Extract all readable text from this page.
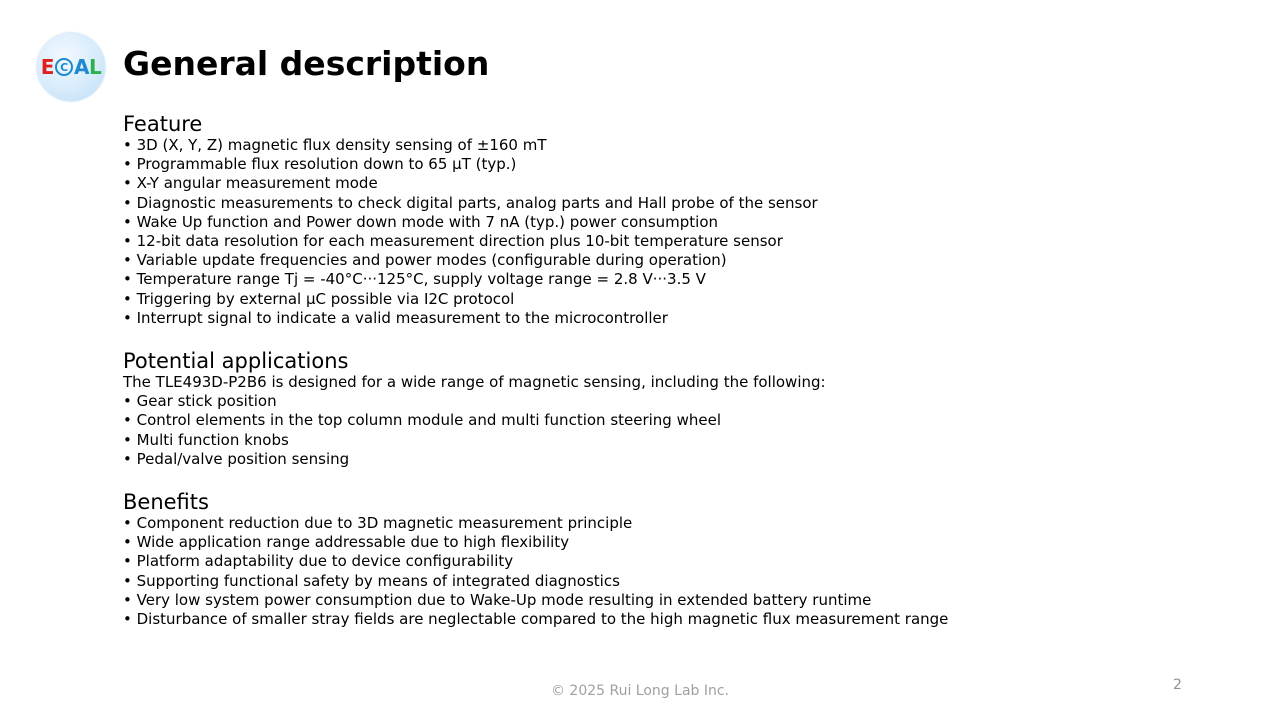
E C A L General description
Feature
• 3D (X, Y, Z) magnetic flux density sensing of ±160 mT
• Programmable flux resolution down to 65 μT (typ.)
• X-Y angular measurement mode
• Diagnostic measurements to check digital parts, analog parts and Hall probe of the sensor
• Wake Up function and Power down mode with 7 nA (typ.) power consumption
• 12-bit data resolution for each measurement direction plus 10-bit temperature sensor
• Variable update frequencies and power modes (configurable during operation)
• Temperature range Tj = -40°C···125°C, supply voltage range = 2.8 V···3.5 V
• Triggering by external µC possible via I2C protocol
• Interrupt signal to indicate a valid measurement to the microcontroller
Potential applications
The TLE493D-P2B6 is designed for a wide range of magnetic sensing, including the following:
• Gear stick position
• Control elements in the top column module and multi function steering wheel
• Multi function knobs
• Pedal/valve position sensing
Benefits
• Component reduction due to 3D magnetic measurement principle
• Wide application range addressable due to high flexibility
• Platform adaptability due to device configurability
• Supporting functional safety by means of integrated diagnostics
• Very low system power consumption due to Wake-Up mode resulting in extended battery runtime
• Disturbance of smaller stray fields are neglectable compared to the high magnetic flux measurement range
© 2025 Rui Long Lab Inc.	2
